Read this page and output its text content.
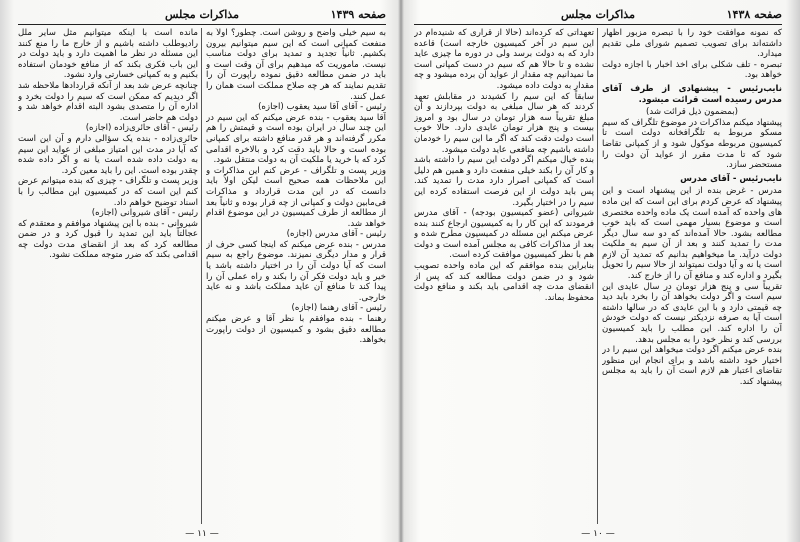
صفحه ۱۴۳۹
مذاکرات مجلس

به سیم خیلی واضح و روشن است. چطور؟ اولاً به منفعت کمپانی است که این سیم میتوانیم بیرون بکشیم. ثانیاً تجدید و تمدید برای دولت مناسب نیست. ماموریت که میدهیم برای آن وقت است و باید در ضمن مطالعه دقیق نموده راپورت آن را تقدیم نمایند که هر چه صلاح مملکت است همان را عمل کنند.

رئیس - آقای آقا سید یعقوب (اجازه)

آقا سید یعقوب - بنده عرض میکنم که این سیم در این چند سال در ایران بوده است و قیمتش را هم مکرر گرفته‌اند و هر قدر منافع داشته برای کمپانی بوده است و حالا باید دقت کرد و بالاخره اقدامی کرد که یا خرید یا ملکیت آن به دولت منتقل شود.

وزیر پست و تلگراف - عرض کنم این مذاکرات و این ملاحظات همه صحیح است لیکن اولاً باید دانست که در این مدت قرارداد و مذاکرات فی‌مابین دولت و کمپانی از چه قرار بوده و ثانیاً بعد از مطالعه از طرف کمیسیون در این موضوع اقدام خواهد شد.

رئیس - آقای مدرس (اجازه)

مدرس - بنده عرض میکنم که اینجا کسی حرف از قرار و مدار دیگری نمیزند. موضوع راجع به سیم است که آیا دولت آن را در اختیار داشته باشد یا خیر و باید دولت فکر آن را بکند و راه عملی آن را پیدا کند تا منافع آن عاید مملکت باشد و نه عاید خارجی.

رئیس - آقای رهنما (اجازه)

رهنما - بنده موافقم با نظر آقا و عرض میکنم مطالعه دقیق بشود و کمیسیون از دولت راپورت بخواهد.

مانده است با اینکه میتوانیم مثل سایر ملل رادیوطلب داشته باشیم و از خارج ما را منع کنند این مسئله در نظر ما اهمیت دارد و باید دولت در این باب فکری بکند که از منافع خودمان استفاده بکنیم و به کمپانی خسارتی وارد نشود.

چنانچه عرض شد بعد از آنکه قراردادها ملاحظه شد اگر دیدیم که ممکن است که سیم را دولت بخرد و اداره آن را متصدی بشود البته اقدام خواهد شد و دولت هم حاضر است.

رئیس - آقای حائری‌زاده (اجازه)

حائری‌زاده - بنده یک سؤالی دارم و آن این است که آیا در مدت این امتیاز مبلغی از عواید این سیم به دولت داده شده است یا نه و اگر داده شده چقدر بوده است. این را باید معین کرد.

وزیر پست و تلگراف - چیزی که بنده میتوانم عرض کنم این است که در کمیسیون این مطالب را با اسناد توضیح خواهم داد.

رئیس - آقای شیروانی (اجازه)

شیروانی - بنده با این پیشنهاد موافقم و معتقدم که عجالتاً باید این تمدید را قبول کرد و در ضمن مطالعه کرد که بعد از انقضای مدت دولت چه اقدامی بکند که ضرر متوجه مملکت نشود.

— ۱۱ —
صفحه ۱۴۳۸
مذاکرات مجلس

که نمونه موافقت خود را با تبصره مزبور اظهار داشته‌اند برای تصویب تصمیم شورای ملی تقدیم میدارد.

تبصره - تلف شکلی برای اخذ اخبار با اجازه دولت خواهد بود.

نایب‌رئیس - پیشنهادی از طرف آقای مدرس رسیده است قرائت میشود.

(بمضمون ذیل قرائت شد)

پیشنهاد میکنم مذاکرات در موضوع تلگراف که سیم مسکو مربوط به تلگرافخانه دولت است تا کمیسیون مربوطه موکول شود و از کمپانی تقاضا شود که تا مدت مقرر از عواید آن دولت را مستحضر سازد.

نایب‌رئیس - آقای مدرس

مدرس - غرض بنده از این پیشنهاد است و این پیشنهاد که عرض کردم برای این است که این ماده های واحده که آمده است یک ماده واحده مختصری است و موضوع بسیار مهمی است که باید خوب مطالعه بشود. حالا آمده‌اند که دو سه سال دیگر مدت را تمدید کنند و بعد از آن سیم به ملکیت دولت درآید. ما میخواهیم بدانیم که تمدید آن لازم است یا نه و آیا دولت نمیتواند از حالا سیم را تحویل بگیرد و اداره کند و منافع آن را از خارج کند.

تقریباً سی و پنج هزار تومان در سال عایدی این سیم است و اگر دولت بخواهد آن را بخرد باید دید چه قیمتی دارد و با این عایدی که در سالها داشته است آیا به صرفه نزدیکتر نیست که دولت خودش آن را اداره کند. این مطلب را باید کمیسیون بررسی کند و نظر خود را به مجلس بدهد.

بنده عرض میکنم اگر دولت میخواهد این سیم را در اختیار خود داشته باشد و برای انجام این منظور تقاضای اعتبار هم لازم است آن را باید به مجلس پیشنهاد کند.

تعهداتی که کرده‌اند (حالا از قراری که شنیده‌ام در این سیم در آخر کمیسیون خارجه است) قاعده دارد که به دولت برسد ولی در دوره ما چیزی عاید نشده و تا حالا هم که سیم در دست کمپانی است ما نمیدانیم چه مقدار از عواید آن برده میشود و چه مقدار به دولت داده میشود.

سابقاً که این سیم را کشیدند در مقابلش تعهد کردند که هر سال مبلغی به دولت بپردازند و آن مبلغ تقریباً سه هزار تومان در سال بود و امروز بیست و پنج هزار تومان عایدی دارد. حالا خوب است دولت دقت کند که اگر ما این سیم را خودمان داشته باشیم چه منافعی عاید دولت میشود.

بنده خیال میکنم اگر دولت این سیم را داشته باشد و کار آن را بکند خیلی منفعت دارد و همین هم دلیل است که کمپانی اصرار دارد مدت را تمدید کند. پس باید دولت از این فرصت استفاده کرده این سیم را در اختیار بگیرد.

شیروانی (عضو کمیسیون بودجه) - آقای مدرس فرمودند که این کار را به کمیسیون ارجاع کنند بنده عرض میکنم این مسئله در کمیسیون مطرح شده و بعد از مذاکرات کافی به مجلس آمده است و دولت هم با نظر کمیسیون موافقت کرده است.

بنابراین بنده موافقم که این ماده واحده تصویب شود و در ضمن دولت مطالعه کند که پس از انقضای مدت چه اقدامی باید بکند و منافع دولت محفوظ بماند.

— ۱۰ —
